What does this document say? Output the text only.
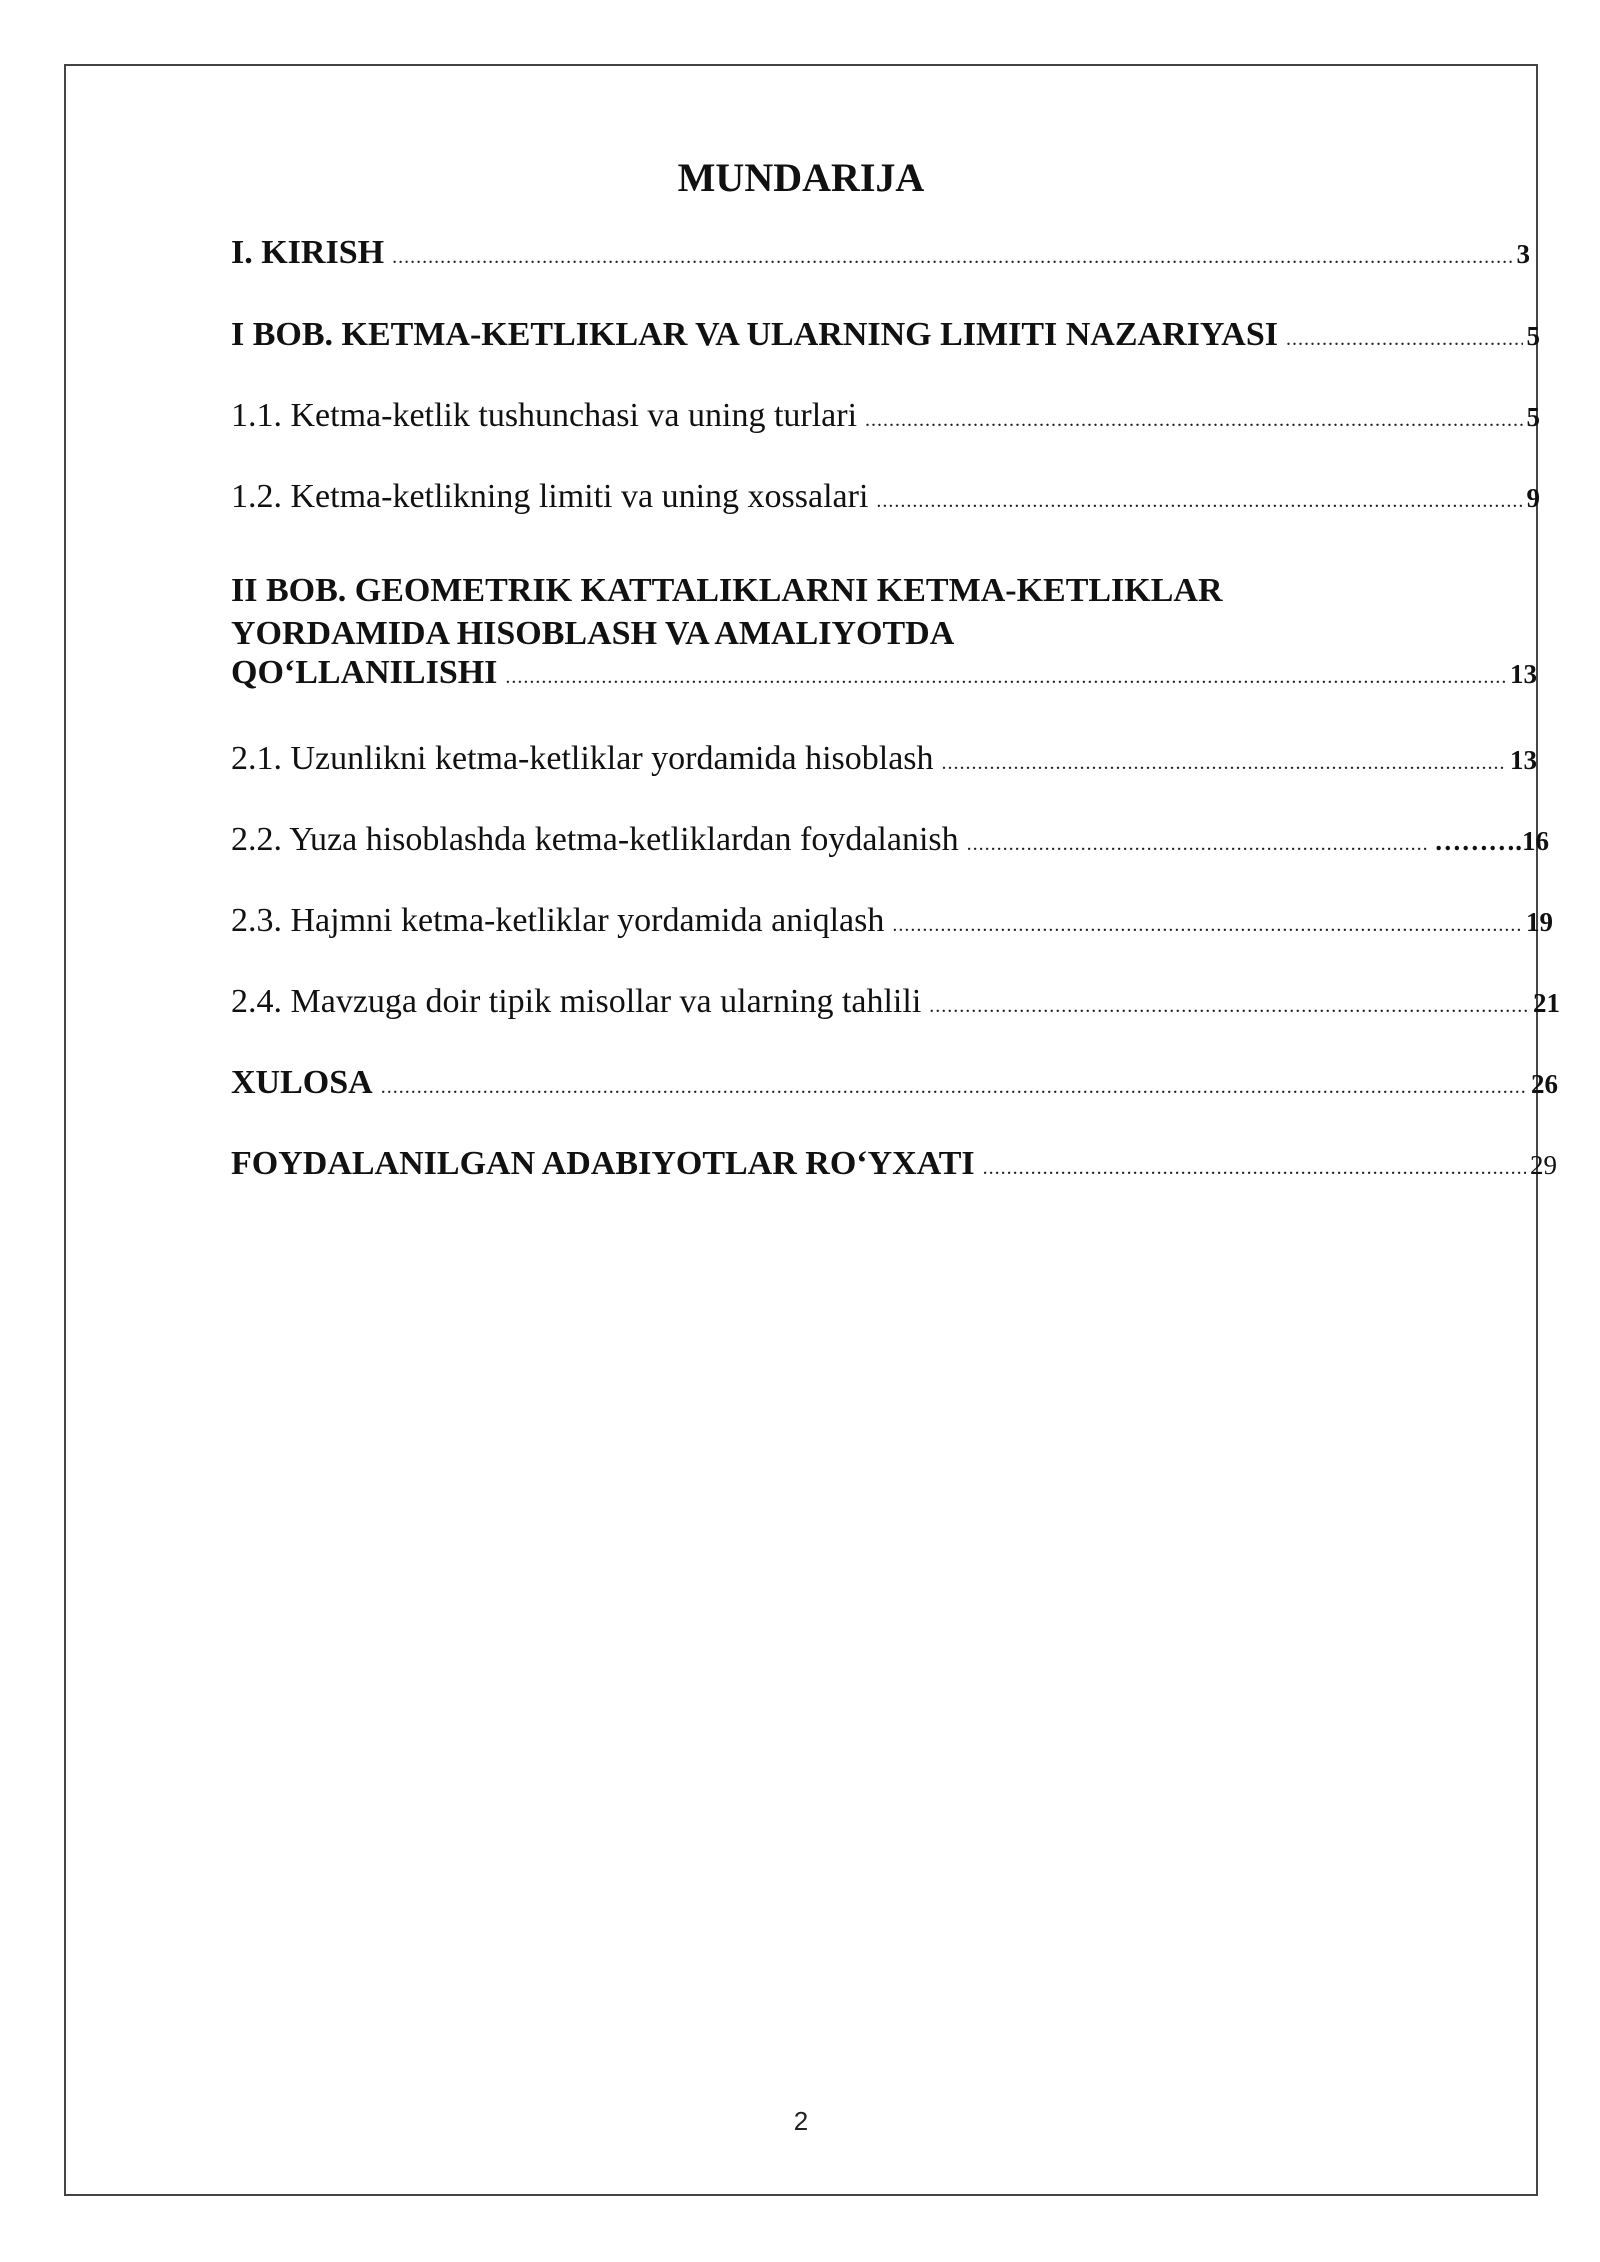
MUNDARIJA
I. KIRISH .....	3
I BOB. KETMA-KETLIKLAR VA ULARNING LIMITI NAZARIYASI .....	5
1.1. Ketma-ketlik tushunchasi va uning turlari .....	5
1.2. Ketma-ketlikning limiti va uning xossalari .....	9
II BOB. GEOMETRIK KATTALIKLARNI KETMA-KETLIKLAR
YORDAMIDA HISOBLASH VA AMALIYOTDA
QO‘LLANILISHI .....	13
2.1. Uzunlikni ketma-ketliklar yordamida hisoblash .....	13
2.2. Yuza hisoblashda ketma-ketliklardan foydalanish .....	……….16
2.3. Hajmni ketma-ketliklar yordamida aniqlash .....	19
2.4. Mavzuga doir tipik misollar va ularning tahlili .....	21
XULOSA .....	26
FOYDALANILGAN ADABIYOTLAR RO‘YXATI .....	29
2
